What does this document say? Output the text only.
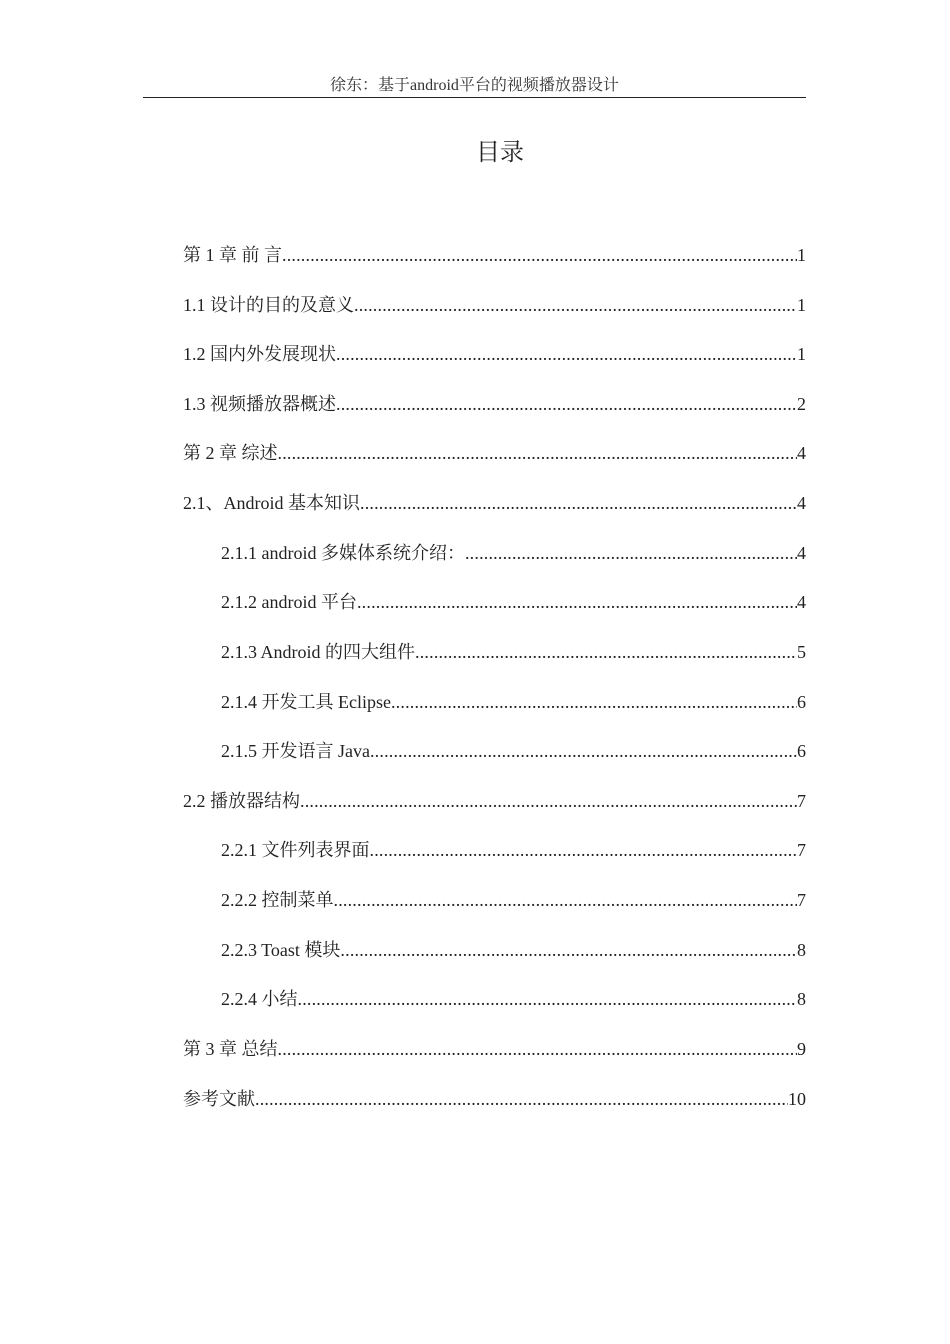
徐东：基于android平台的视频播放器设计
目录
第 1 章 前 言 .....	1
1.1 设计的目的及意义 .....	1
1.2 国内外发展现状 .....	1
1.3 视频播放器概述 .....	2
第 2 章 综述 .....	4
2.1、Android 基本知识 .....	4
2.1.1 android 多媒体系统介绍： .....	4
2.1.2 android 平台 .....	4
2.1.3 Android 的四大组件 .....	5
2.1.4 开发工具 Eclipse .....	6
2.1.5 开发语言 Java .....	6
2.2 播放器结构 .....	7
2.2.1 文件列表界面 .....	7
2.2.2 控制菜单 .....	7
2.2.3 Toast 模块 .....	8
2.2.4 小结 .....	8
第 3 章 总结 .....	9
参考文献 .....	10
